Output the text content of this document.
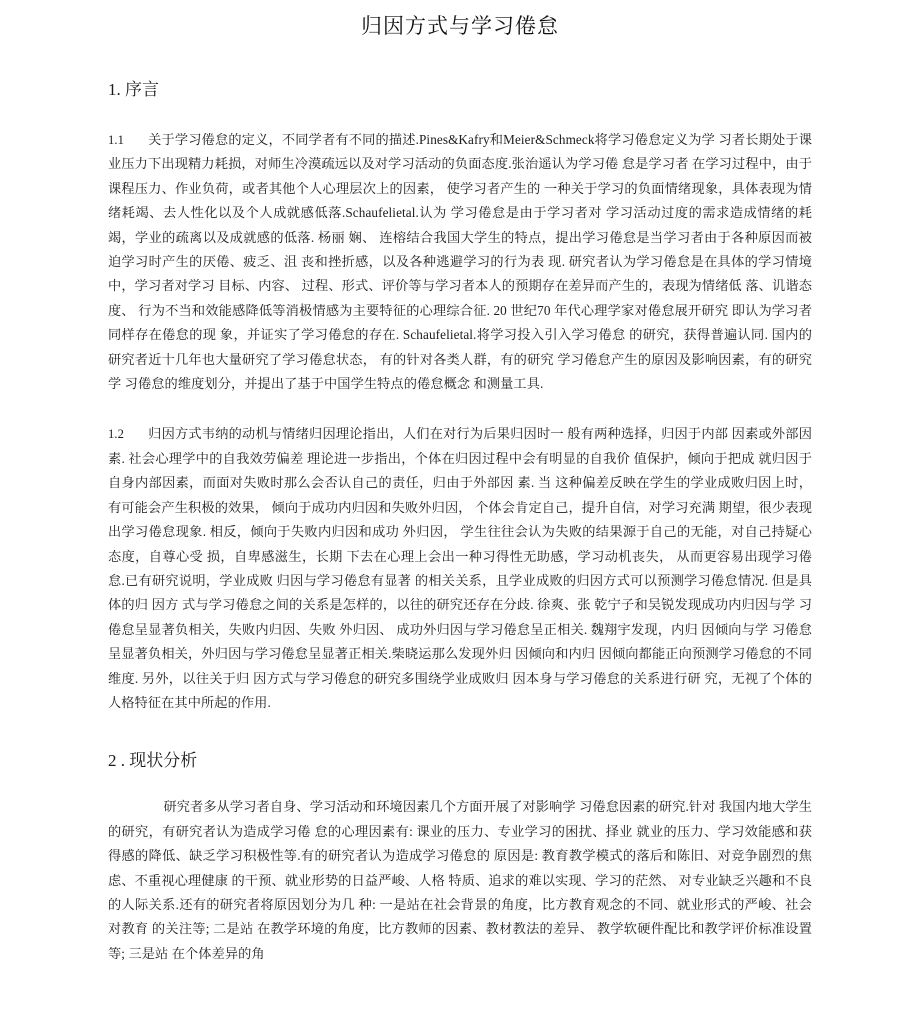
归因方式与学习倦怠
1. 序言

1.1 关于学习倦怠的定义，不同学者有不同的描述.Pines&Kafry和Meier&Schmeck将学习倦怠定义为学 习者长期处于课业压力下出现精力耗损，对师生冷漠疏远以及对学习活动的负面态度.张治遥认为学习倦 怠是学习者 在学习过程中，由于课程压力、作业负荷，或者其他个人心理层次上的因素， 使学习者产生的 一种关于学习的负面情绪现象，具体表现为情绪耗竭、去人性化以及个人成就感低落.Schaufelietal.认为 学习倦怠是由于学习者对 学习活动过度的需求造成情绪的耗竭，学业的疏离以及成就感的低落. 杨丽 娴、 连榕结合我国大学生的特点，提出学习倦怠是当学习者由于各种原因而被迫学习时产生的厌倦、疲乏、沮 丧和挫折感，以及各种逃避学习的行为表 现. 研究者认为学习倦怠是在具体的学习情境中，学习者对学习 目标、内容、 过程、形式、评价等与学习者本人的预期存在差异而产生的，表现为情绪低 落、讥谐态度、 行为不当和效能感降低等消极情感为主要特征的心理综合征. 20 世纪70 年代心理学家对倦怠展开研究 即认为学习者同样存在倦怠的现 象，并证实了学习倦怠的存在. Schaufelietal.将学习投入引入学习倦怠 的研究，获得普遍认同. 国内的研究者近十几年也大量研究了学习倦怠状态， 有的针对各类人群，有的研究 学习倦怠产生的原因及影响因素，有的研究学 习倦怠的维度划分，并提出了基于中国学生特点的倦怠概念 和测量工具.

1.2 归因方式韦纳的动机与情绪归因理论指出，人们在对行为后果归因时一 般有两种选择，归因于内部 因素或外部因素. 社会心理学中的自我效劳偏差 理论进一步指出，个体在归因过程中会有明显的自我价 值保护，倾向于把成 就归因于自身内部因素，而面对失败时那么会否认自己的责任，归由于外部因 素. 当 这种偏差反映在学生的学业成败归因上时，有可能会产生积极的效果， 倾向于成功内归因和失败外归因， 个体会肯定自己，提升自信，对学习充满 期望，很少表现出学习倦怠现象. 相反，倾向于失败内归因和成功 外归因， 学生往往会认为失败的结果源于自己的无能，对自己持疑心态度，自尊心受 损，自卑感滋生，长期 下去在心理上会出一种习得性无助感，学习动机丧失， 从而更容易出现学习倦怠.已有研究说明，学业成败 归因与学习倦怠有显著 的相关关系，且学业成败的归因方式可以预测学习倦怠情况. 但是具体的归 因方 式与学习倦怠之间的关系是怎样的，以往的研究还存在分歧. 徐爽、张 乾宁子和吴锐发现成功内归因与学 习倦怠呈显著负相关，失败内归因、失败 外归因、 成功外归因与学习倦怠呈正相关. 魏翔宇发现，内归 因倾向与学 习倦怠呈显著负相关，外归因与学习倦怠呈显著正相关.柴晓运那么发现外归 因倾向和内归 因倾向都能正向预测学习倦怠的不同维度. 另外，以往关于归 因方式与学习倦怠的研究多围绕学业成败归 因本身与学习倦怠的关系进行研 究，无视了个体的人格特征在其中所起的作用.

2 . 现状分析

研究者多从学习者自身、学习活动和环境因素几个方面开展了对影响学 习倦怠因素的研究.针对 我国内地大学生的研究，有研究者认为造成学习倦 怠的心理因素有: 课业的压力、专业学习的困扰、择业 就业的压力、学习效能感和获得感的降低、缺乏学习积极性等.有的研究者认为造成学习倦怠的 原因是: 教育教学模式的落后和陈旧、对竞争剧烈的焦虑、不重视心理健康 的干预、就业形势的日益严峻、人格 特质、追求的难以实现、学习的茫然、 对专业缺乏兴趣和不良的人际关系.还有的研究者将原因划分为几 种: 一是站在社会背景的角度，比方教育观念的不同、就业形式的严峻、社会对教育 的关注等; 二是站 在教学环境的角度，比方教师的因素、教材教法的差异、 教学软硬件配比和教学评价标准设置等; 三是站 在个体差异的角
